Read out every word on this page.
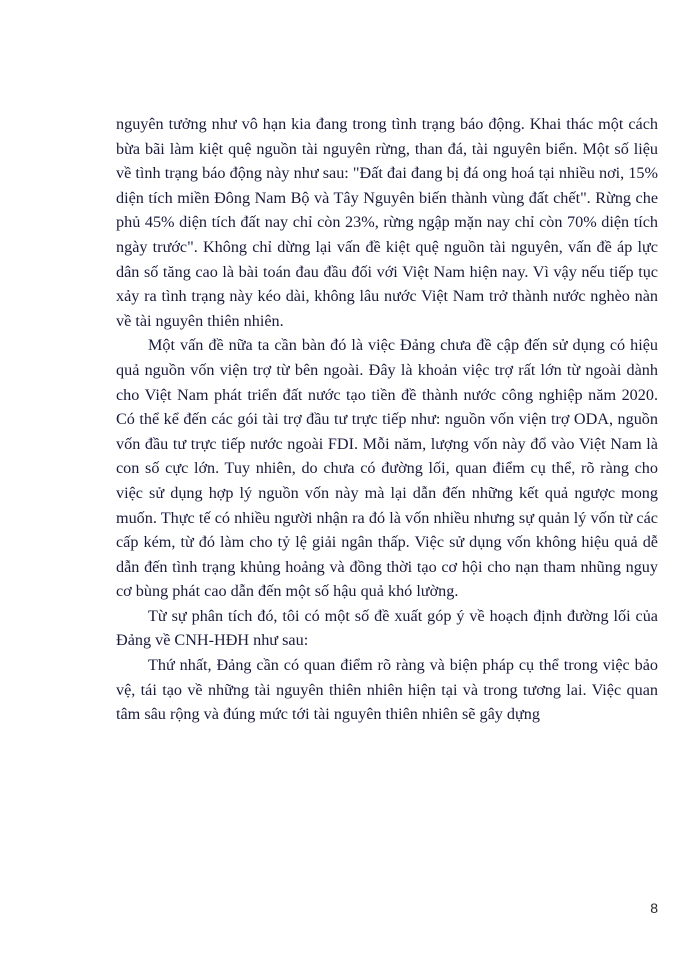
nguyên tưởng như vô hạn kia đang trong tình trạng báo động. Khai thác một cách bừa bãi làm kiệt quệ nguồn tài nguyên rừng, than đá, tài nguyên biển. Một số liệu về tình trạng báo động này như sau: "Đất đai đang bị đá ong hoá tại nhiều nơi, 15% diện tích miền Đông Nam Bộ và Tây Nguyên biến thành vùng đất chết". Rừng che phủ 45% diện tích đất nay chỉ còn 23%, rừng ngập mặn nay chỉ còn 70% diện tích ngày trước". Không chỉ dừng lại vấn đề kiệt quệ nguồn tài nguyên, vấn đề áp lực dân số tăng cao là bài toán đau đầu đối với Việt Nam hiện nay. Vì vậy nếu tiếp tục xảy ra tình trạng này kéo dài, không lâu nước Việt Nam trở thành nước nghèo nàn về tài nguyên thiên nhiên.

Một vấn đề nữa ta cần bàn đó là việc Đảng chưa đề cập đến sử dụng có hiệu quả nguồn vốn viện trợ từ bên ngoài. Đây là khoản việc trợ rất lớn từ ngoài dành cho Việt Nam phát triển đất nước tạo tiền đề thành nước công nghiệp năm 2020. Có thể kể đến các gói tài trợ đầu tư trực tiếp như: nguồn vốn viện trợ ODA, nguồn vốn đầu tư trực tiếp nước ngoài FDI. Mỗi năm, lượng vốn này đổ vào Việt Nam là con số cực lớn. Tuy nhiên, do chưa có đường lối, quan điểm cụ thể, rõ ràng cho việc sử dụng hợp lý nguồn vốn này mà lại dẫn đến những kết quả ngược mong muốn. Thực tế có nhiều người nhận ra đó là vốn nhiều nhưng sự quản lý vốn từ các cấp kém, từ đó làm cho tỷ lệ giải ngân thấp. Việc sử dụng vốn không hiệu quả dễ dẫn đến tình trạng khủng hoảng và đồng thời tạo cơ hội cho nạn tham nhũng nguy cơ bùng phát cao dẫn đến một số hậu quả khó lường.

Từ sự phân tích đó, tôi có một số đề xuất góp ý về hoạch định đường lối của Đảng về CNH-HĐH như sau:

Thứ nhất, Đảng cần có quan điểm rõ ràng và biện pháp cụ thể trong việc bảo vệ, tái tạo về những tài nguyên thiên nhiên hiện tại và trong tương lai. Việc quan tâm sâu rộng và đúng mức tới tài nguyên thiên nhiên sẽ gây dựng

8
